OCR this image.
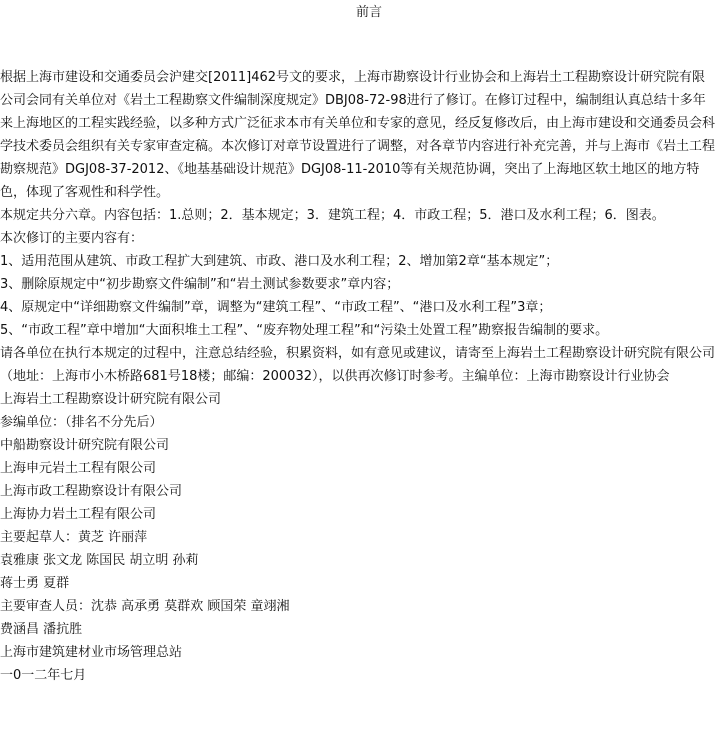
前言

根据上海市建设和交通委员会沪建交[2011]462号文的要求，上海市勘察设计行业协会和上海岩土工程勘察设计研究院有限公司会同有关单位对《岩土工程勘察文件编制深度规定》DBJ08-72-98进行了修订。在修订过程中，编制组认真总结十多年来上海地区的工程实践经验，以多种方式广泛征求本市有关单位和专家的意见，经反复修改后，由上海市建设和交通委员会科学技术委员会组织有关专家审查定稿。本次修订对章节设置进行了调整，对各章节内容进行补充完善，并与上海市《岩土工程勘察规范》DGJ08-37-2012、《地基基础设计规范》DGJ08-11-2010等有关规范协调，突出了上海地区软土地区的地方特色，体现了客观性和科学性。

本规定共分六章。内容包括：1.总则；2．基本规定；3．建筑工程；4．市政工程；5．港口及水利工程；6．图表。

本次修订的主要内容有：

1、适用范围从建筑、市政工程扩大到建筑、市政、港口及水利工程；2、增加第2章“基本规定”；

3、删除原规定中“初步勘察文件编制”和“岩土测试参数要求”章内容；

4、原规定中“详细勘察文件编制”章，调整为“建筑工程”、“市政工程”、“港口及水利工程”3章；

5、“市政工程”章中增加“大面积堆土工程”、“废弃物处理工程”和“污染土处置工程”勘察报告编制的要求。

请各单位在执行本规定的过程中，注意总结经验，积累资料，如有意见或建议，请寄至上海岩土工程勘察设计研究院有限公司（地址：上海市小木桥路681号18楼；邮编：200032），以供再次修订时参考。主编单位：上海市勘察设计行业协会

上海岩土工程勘察设计研究院有限公司

参编单位：（排名不分先后）

中船勘察设计研究院有限公司

上海申元岩土工程有限公司

上海市政工程勘察设计有限公司

上海协力岩土工程有限公司

主要起草人：黄芝 许丽萍

袁雅康 张文龙 陈国民 胡立明 孙莉

蒋士勇 夏群

主要审查人员：沈恭 高承勇 莫群欢 顾国荣 童翊湘

费涵昌 潘抗胜

上海市建筑建材业市场管理总站

一0一二年七月
